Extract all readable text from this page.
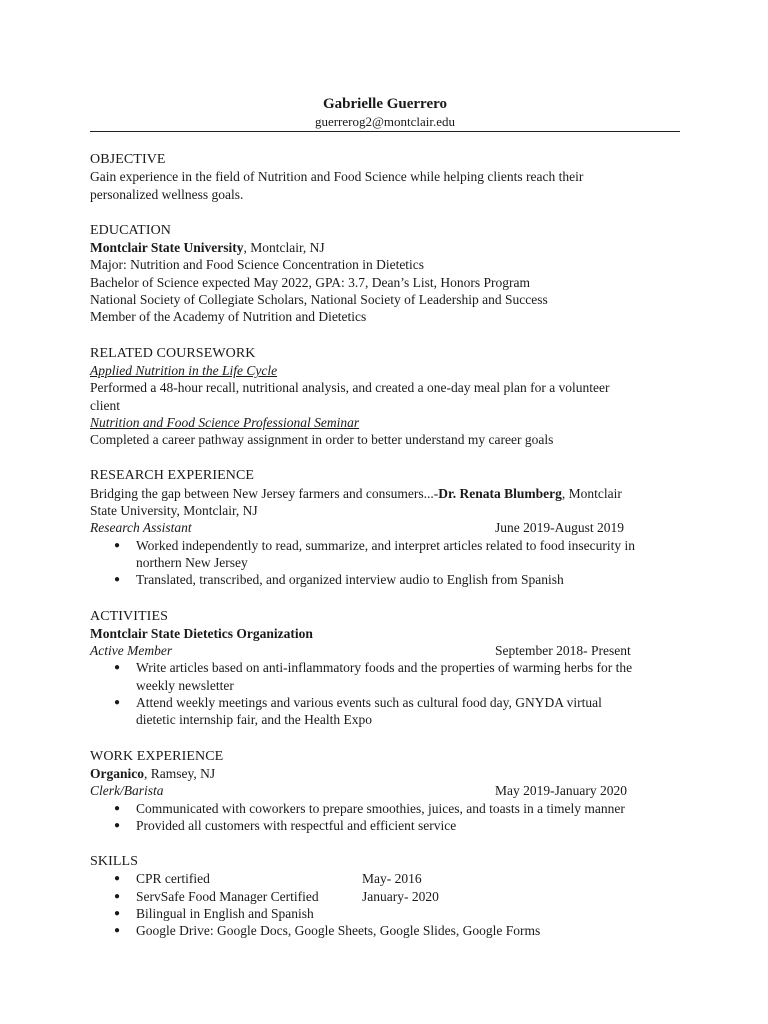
Gabrielle Guerrero

guerrerog2@montclair.edu

OBJECTIVE

Gain experience in the field of Nutrition and Food Science while helping clients reach their

personalized wellness goals.

EDUCATION

Montclair State University, Montclair, NJ

Major: Nutrition and Food Science Concentration in Dietetics

Bachelor of Science expected May 2022, GPA: 3.7, Dean’s List, Honors Program

National Society of Collegiate Scholars, National Society of Leadership and Success

Member of the Academy of Nutrition and Dietetics

RELATED COURSEWORK

Applied Nutrition in the Life Cycle

Performed a 48-hour recall, nutritional analysis, and created a one-day meal plan for a volunteer

client

Nutrition and Food Science Professional Seminar

Completed a career pathway assignment in order to better understand my career goals

RESEARCH EXPERIENCE

Bridging the gap between New Jersey farmers and consumers...-Dr. Renata Blumberg, Montclair

State University, Montclair, NJ

Research Assistant	June 2019-August 2019
● Worked independently to read, summarize, and interpret articles related to food insecurity in
northern New Jersey
● Translated, transcribed, and organized interview audio to English from Spanish

ACTIVITIES

Montclair State Dietetics Organization

Active Member	September 2018- Present
● Write articles based on anti-inflammatory foods and the properties of warming herbs for the
weekly newsletter
● Attend weekly meetings and various events such as cultural food day, GNYDA virtual
dietetic internship fair, and the Health Expo

WORK EXPERIENCE

Organico, Ramsey, NJ

Clerk/Barista	May 2019-January 2020
● Communicated with coworkers to prepare smoothies, juices, and toasts in a timely manner
● Provided all customers with respectful and efficient service

SKILLS

● CPR certified	May- 2016
● ServSafe Food Manager Certified	January- 2020
● Bilingual in English and Spanish
● Google Drive: Google Docs, Google Sheets, Google Slides, Google Forms
